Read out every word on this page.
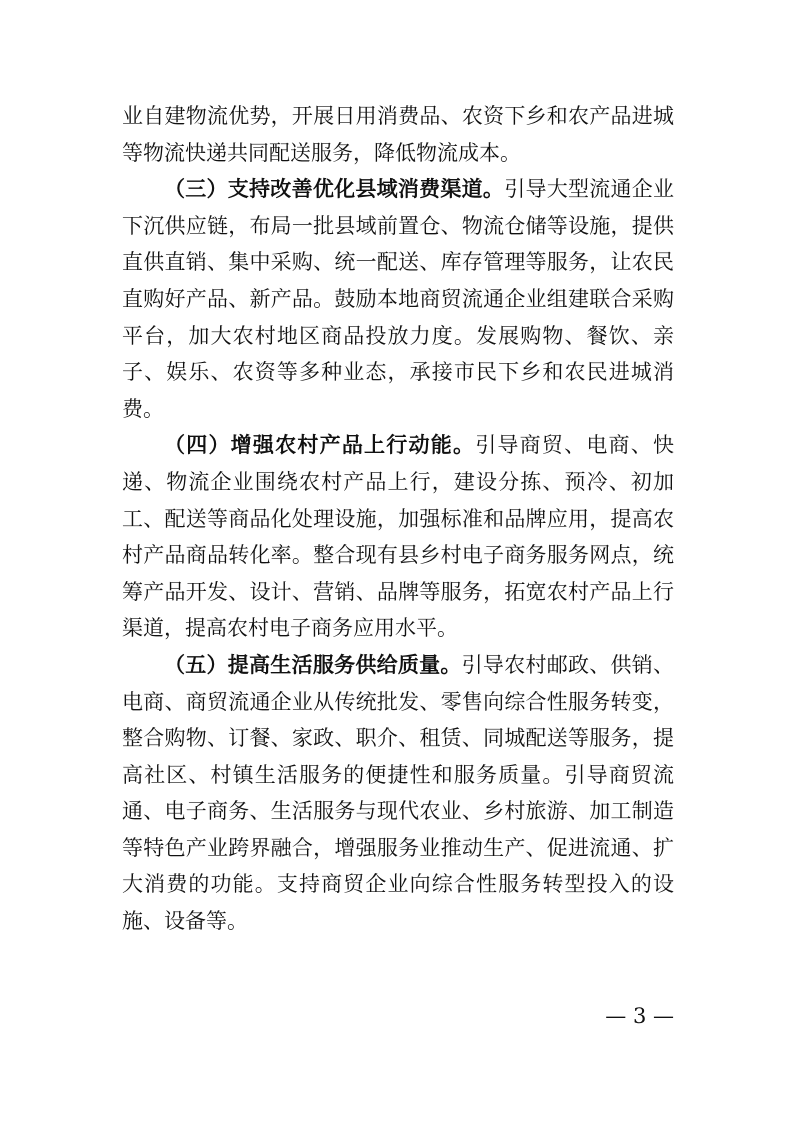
业自建物流优势，开展日用消费品、农资下乡和农产品进城等物流快递共同配送服务，降低物流成本。

（三）支持改善优化县域消费渠道。引导大型流通企业下沉供应链，布局一批县域前置仓、物流仓储等设施，提供直供直销、集中采购、统一配送、库存管理等服务，让农民直购好产品、新产品。鼓励本地商贸流通企业组建联合采购平台，加大农村地区商品投放力度。发展购物、餐饮、亲子、娱乐、农资等多种业态，承接市民下乡和农民进城消费。

（四）增强农村产品上行动能。引导商贸、电商、快递、物流企业围绕农村产品上行，建设分拣、预冷、初加工、配送等商品化处理设施，加强标准和品牌应用，提高农村产品商品转化率。整合现有县乡村电子商务服务网点，统筹产品开发、设计、营销、品牌等服务，拓宽农村产品上行渠道，提高农村电子商务应用水平。

（五）提高生活服务供给质量。引导农村邮政、供销、电商、商贸流通企业从传统批发、零售向综合性服务转变，整合购物、订餐、家政、职介、租赁、同城配送等服务，提高社区、村镇生活服务的便捷性和服务质量。引导商贸流通、电子商务、生活服务与现代农业、乡村旅游、加工制造等特色产业跨界融合，增强服务业推动生产、促进流通、扩大消费的功能。支持商贸企业向综合性服务转型投入的设施、设备等。

— 3 —
